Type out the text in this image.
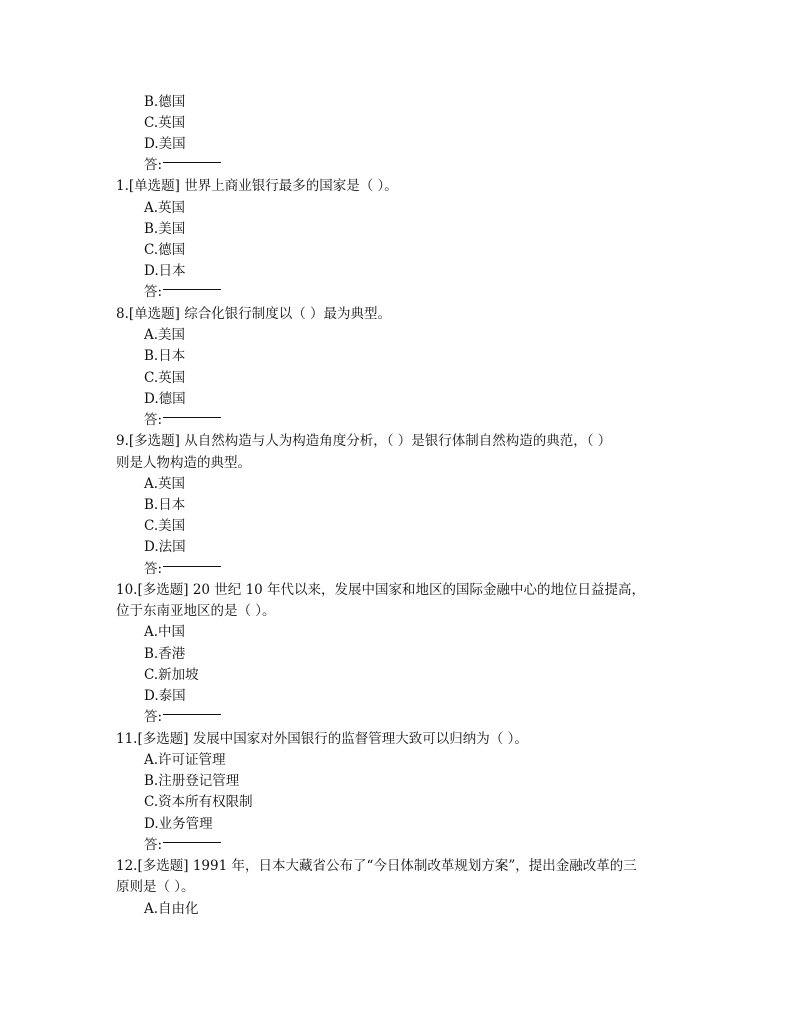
B.德国
C.英国
D.美国
答:
1.[单选题] 世界上商业银行最多的国家是（ ）。
A.英国
B.美国
C.德国
D.日本
答:
8.[单选题] 综合化银行制度以（ ）最为典型。
A.美国
B.日本
C.英国
D.德国
答:
9.[多选题] 从自然构造与人为构造角度分析，（ ）是银行体制自然构造的典范，（ ）
则是人物构造的典型。
A.英国
B.日本
C.美国
D.法国
答:
10.[多选题] 20 世纪 10 年代以来，发展中国家和地区的国际金融中心的地位日益提高，
位于东南亚地区的是（ ）。
A.中国
B.香港
C.新加坡
D.泰国
答:
11.[多选题] 发展中国家对外国银行的监督管理大致可以归纳为（ ）。
A.许可证管理
B.注册登记管理
C.资本所有权限制
D.业务管理
答:
12.[多选题] 1991 年，日本大藏省公布了“今日体制改革规划方案”，提出金融改革的三
原则是（ ）。
A.自由化
